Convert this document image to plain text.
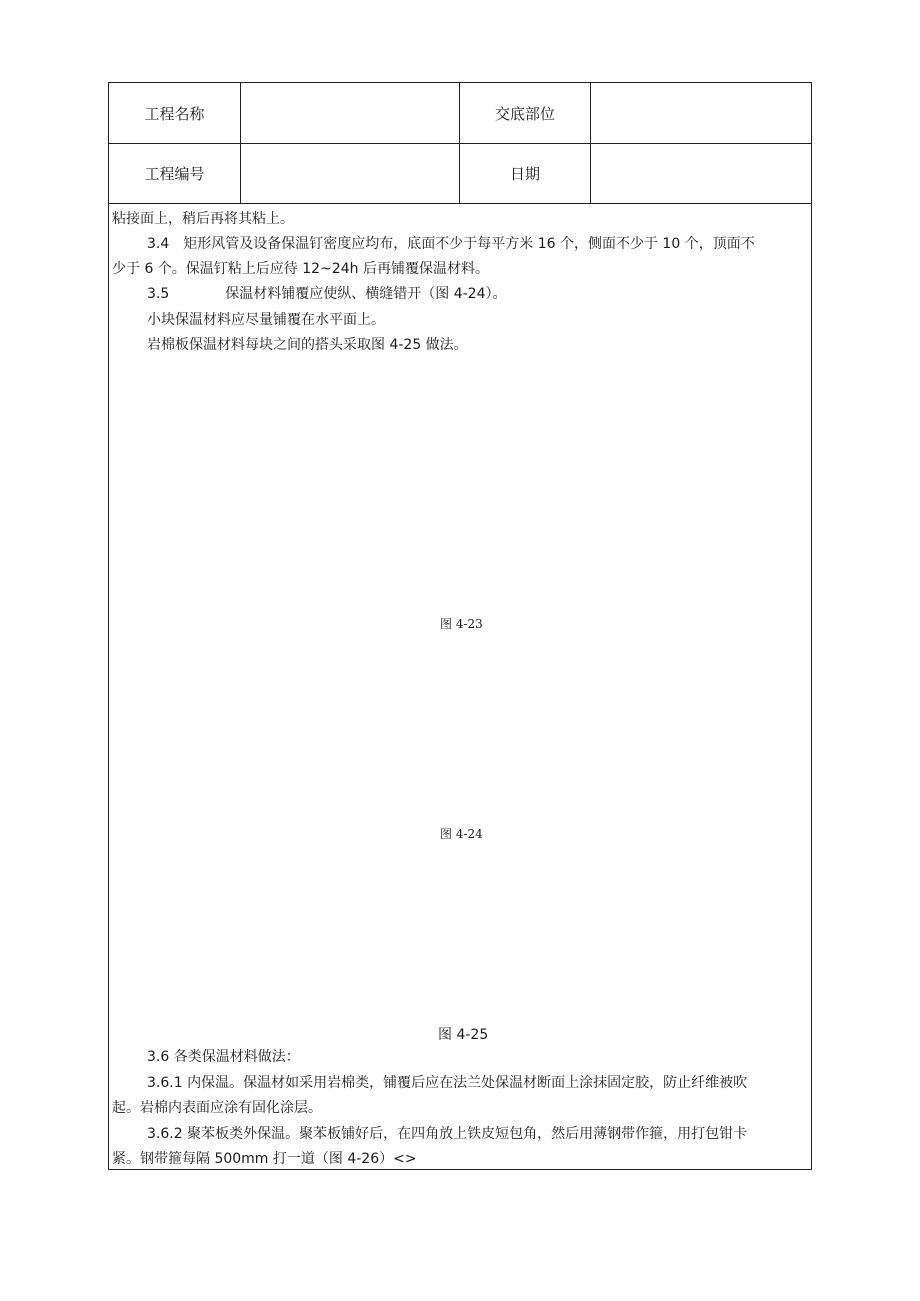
工程名称	交底部位
工程编号	日期
粘接面上，稍后再将其粘上。
3.4　矩形风管及设备保温钉密度应均布，底面不少于每平方米 16 个，侧面不少于 10 个，顶面不
少于 6 个。保温钉粘上后应待 12~24h 后再铺覆保温材料。
3.5　　　　保温材料铺覆应使纵、横缝错开（图 4-24）。
小块保温材料应尽量铺覆在水平面上。
岩棉板保温材料每块之间的搭头采取图 4-25 做法。
图 4-23
图 4-24
图 4-25
3.6 各类保温材料做法：
3.6.1 内保温。保温材如采用岩棉类，铺覆后应在法兰处保温材断面上涂抹固定胶，防止纤维被吹
起。岩棉内表面应涂有固化涂层。
3.6.2 聚苯板类外保温。聚苯板铺好后，在四角放上铁皮短包角，然后用薄钢带作箍，用打包钳卡
紧。钢带箍每隔 500mm 打一道（图 4-26）<>
